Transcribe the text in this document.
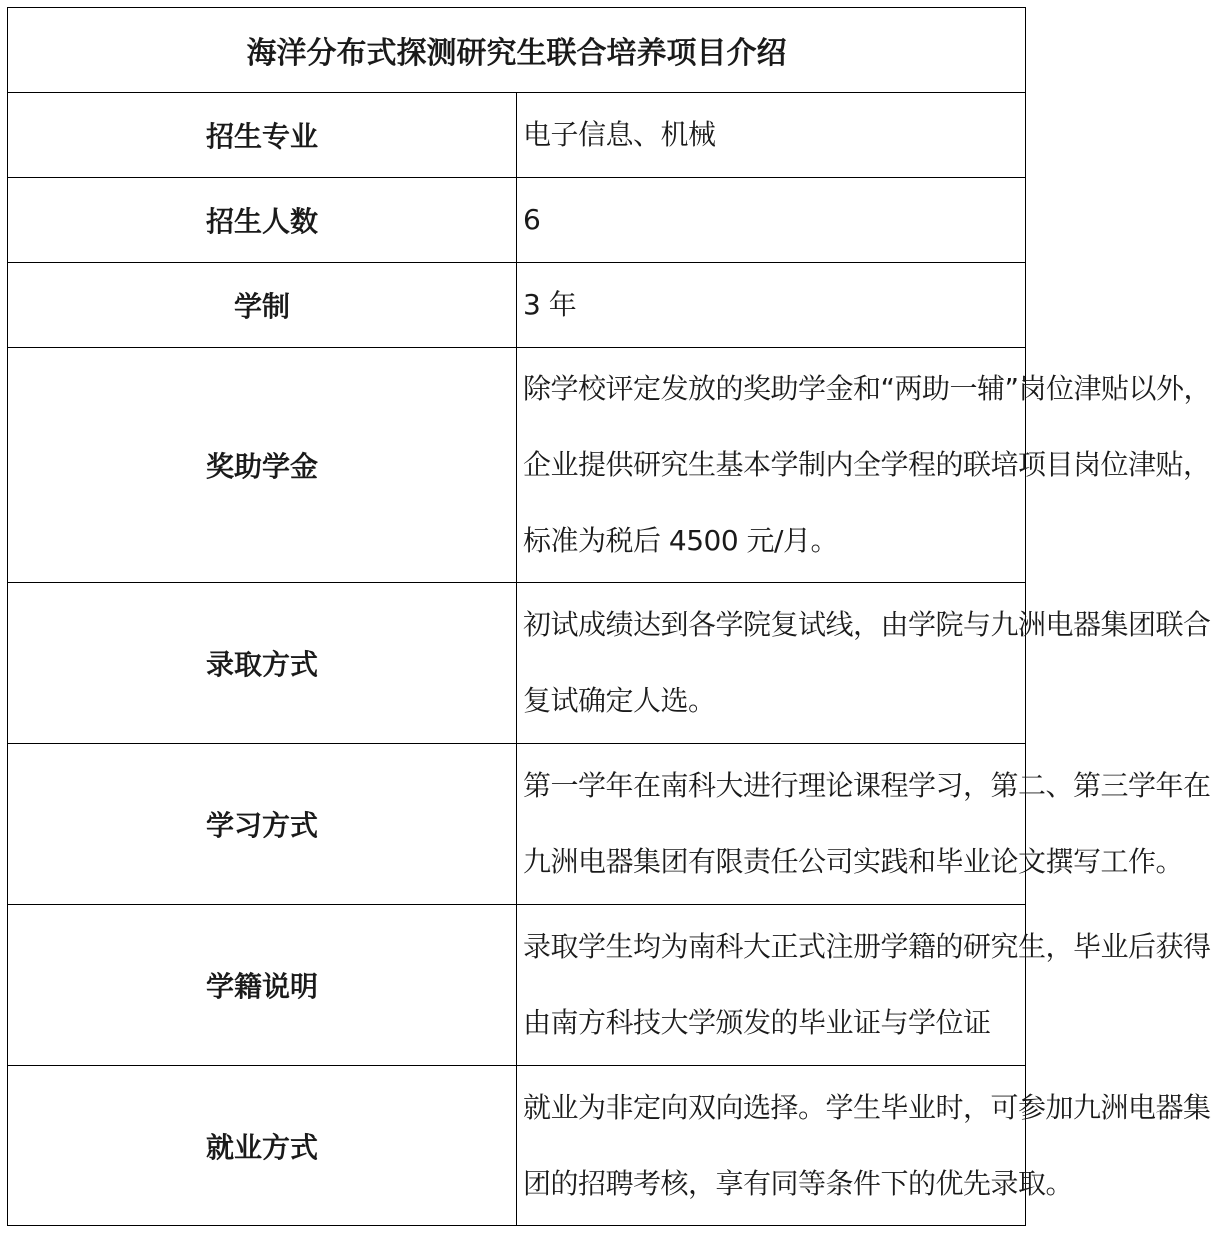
海洋分布式探测研究生联合培养项目介绍	
招生专业	电子信息、机械

招生人数	6

学制	3 年

奖助学金	除学校评定发放的奖助学金和“两助一辅”岗位津贴以外，
企业提供研究生基本学制内全学程的联培项目岗位津贴，
标准为税后 4500 元/月。

录取方式	初试成绩达到各学院复试线，由学院与九洲电器集团联合
复试确定人选。

学习方式	第一学年在南科大进行理论课程学习，第二、第三学年在
九洲电器集团有限责任公司实践和毕业论文撰写工作。

学籍说明	录取学生均为南科大正式注册学籍的研究生，毕业后获得
由南方科技大学颁发的毕业证与学位证

就业方式	就业为非定向双向选择。学生毕业时，可参加九洲电器集
团的招聘考核，享有同等条件下的优先录取。
